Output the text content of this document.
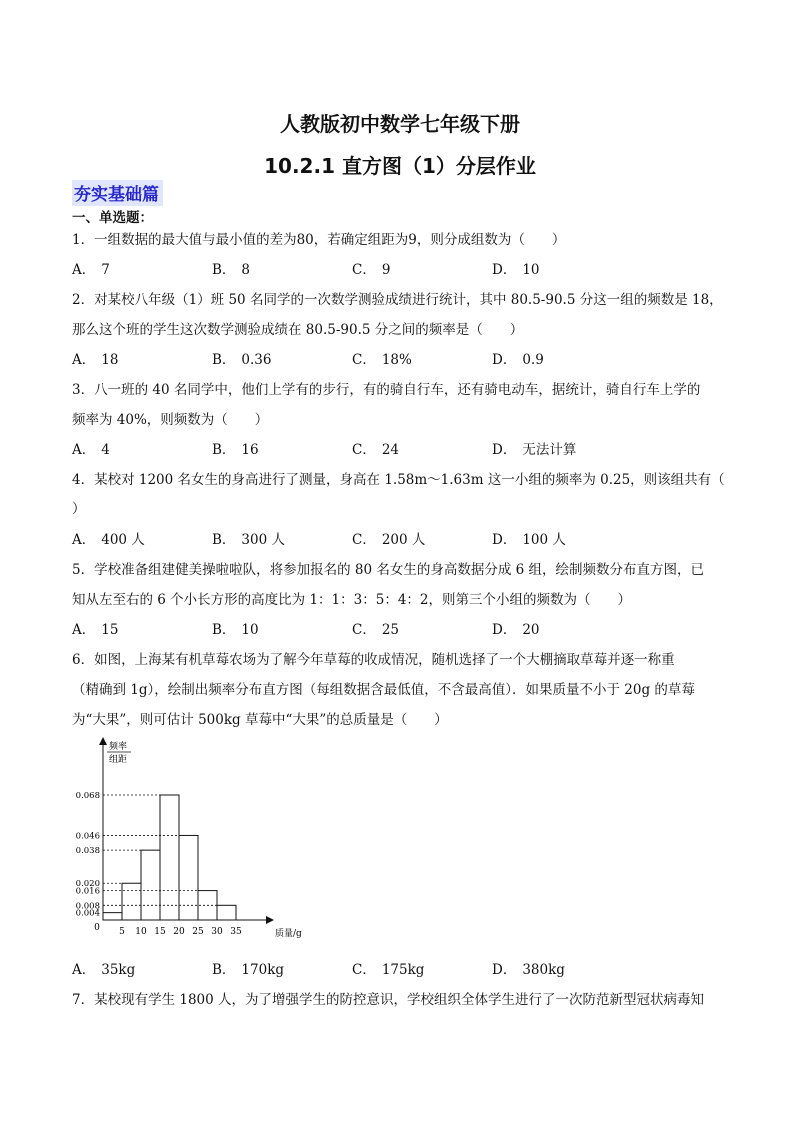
人教版初中数学七年级下册
10.2.1 直方图（1）分层作业
夯实基础篇
一、单选题：
1．一组数据的最大值与最小值的差为80，若确定组距为9，则分成组数为（　　）
A． 7	B． 8	C． 9	D． 10
2．对某校八年级（1）班 50 名同学的一次数学测验成绩进行统计，其中 80.5-90.5 分这一组的频数是 18，
那么这个班的学生这次数学测验成绩在 80.5-90.5 分之间的频率是（　　）
A． 18	B． 0.36	C． 18%	D． 0.9
3．八一班的 40 名同学中，他们上学有的步行，有的骑自行车，还有骑电动车，据统计，骑自行车上学的
频率为 40%，则频数为（　　）
A． 4	B． 16	C． 24	D． 无法计算
4．某校对 1200 名女生的身高进行了测量，身高在 1.58m～1.63m 这一小组的频率为 0.25，则该组共有（
）
A． 400 人	B． 300 人	C． 200 人	D． 100 人
5．学校准备组建健美操啦啦队，将参加报名的 80 名女生的身高数据分成 6 组，绘制频数分布直方图，已
知从左至右的 6 个小长方形的高度比为 1：1：3：5：4：2，则第三个小组的频数为（　　）
A． 15	B． 10	C． 25	D． 20
6．如图，上海某有机草莓农场为了解今年草莓的收成情况，随机选择了一个大棚摘取草莓并逐一称重
（精确到 1g），绘制出频率分布直方图（每组数据含最低值，不含最高值）．如果质量不小于 20g 的草莓
为“大果”，则可估计 500kg 草莓中“大果”的总质量是（　　）
频率
组距
0.068
0.046
0.038
0.020
0.016
0.008
0.004
0 5 10 15 20 25 30 35	质量/g
A． 35kg	B． 170kg	C． 175kg	D． 380kg
7．某校现有学生 1800 人，为了增强学生的防控意识，学校组织全体学生进行了一次防范新型冠状病毒知
